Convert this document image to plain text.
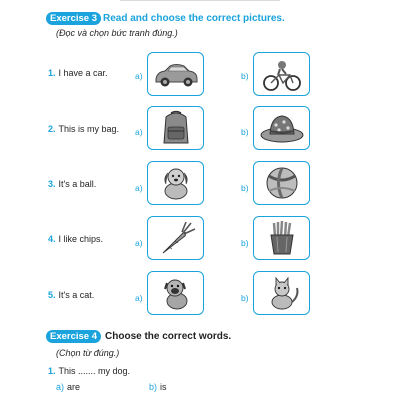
Exercise 3 Read and choose the correct pictures.
(Đọc và chọn bức tranh đúng.)
1. I have a car.	a)	b)
2. This is my bag. a)	b)
3. It's a ball.	a)	b)
4. I like chips.	a)	b)
5. It's a cat.	a)	b)
Exercise 4 Choose the correct words.
(Chọn từ đúng.)
1. This ....... my dog.
a) are	b) is
